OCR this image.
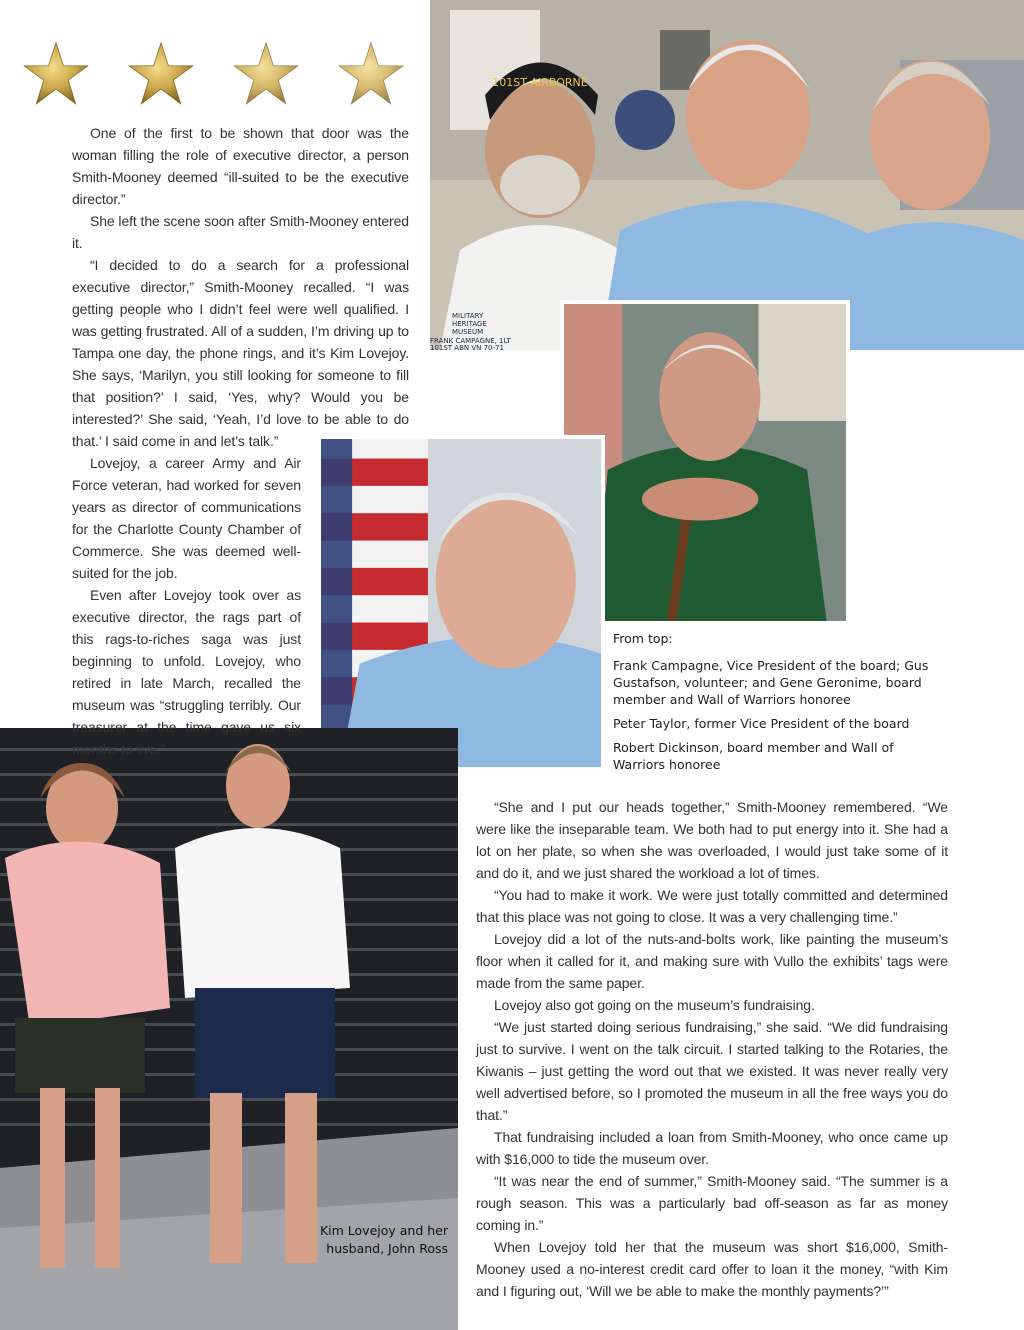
101ST AIRBORNE
MILITARY
HERITAGE
MUSEUM
FRANK CAMPAGNE, 1LT
101ST ABN VN 70-71

One of the first to be shown that door was the woman filling the role of executive director, a person Smith-Mooney deemed “ill-suited to be the executive director.”

She left the scene soon after Smith-Mooney entered it.

“I decided to do a search for a professional executive director,” Smith-Mooney recalled. “I was getting people who I didn’t feel were well qualified. I was getting frustrated. All of a sudden, I’m driving up to Tampa one day, the phone rings, and it’s Kim Lovejoy. She says, ‘Marilyn, you still looking for someone to fill that position?’ I said, ‘Yes, why? Would you be interested?’ She said, ‘Yeah, I’d love to be able to do that.’ I said come in and let’s talk.”

Lovejoy, a career Army and Air Force veteran, had worked for seven years as director of communications for the Charlotte County Chamber of Commerce. She was deemed well-suited for the job.

Even after Lovejoy took over as executive director, the rags part of this rags-to-riches saga was just beginning to unfold. Lovejoy, who retired in late March, recalled the museum was “struggling terribly. Our treasurer at the time gave us six months to live.”

From top:

Frank Campagne, Vice President of the board; Gus Gustafson, volunteer; and Gene Geronime, board member and Wall of Warriors honoree

Peter Taylor, former Vice President of the board

Robert Dickinson, board member and Wall of Warriors honoree

Kim Lovejoy and her
husband, John Ross

“She and I put our heads together,” Smith-Mooney remembered. “We were like the inseparable team. We both had to put energy into it. She had a lot on her plate, so when she was overloaded, I would just take some of it and do it, and we just shared the workload a lot of times.

“You had to make it work. We were just totally committed and determined that this place was not going to close. It was a very challenging time.”

Lovejoy did a lot of the nuts-and-bolts work, like painting the museum’s floor when it called for it, and making sure with Vullo the exhibits’ tags were made from the same paper.

Lovejoy also got going on the museum’s fundraising.

“We just started doing serious fundraising,” she said. “We did fundraising just to survive. I went on the talk circuit. I started talking to the Rotaries, the Kiwanis – just getting the word out that we existed. It was never really very well advertised before, so I promoted the museum in all the free ways you do that.”

That fundraising included a loan from Smith-Mooney, who once came up with $16,000 to tide the museum over.

“It was near the end of summer,” Smith-Mooney said. “The summer is a rough season. This was a particularly bad off-season as far as money coming in.”

When Lovejoy told her that the museum was short $16,000, Smith-Mooney used a no-interest credit card offer to loan it the money, “with Kim and I figuring out, ‘Will we be able to make the monthly payments?’”
